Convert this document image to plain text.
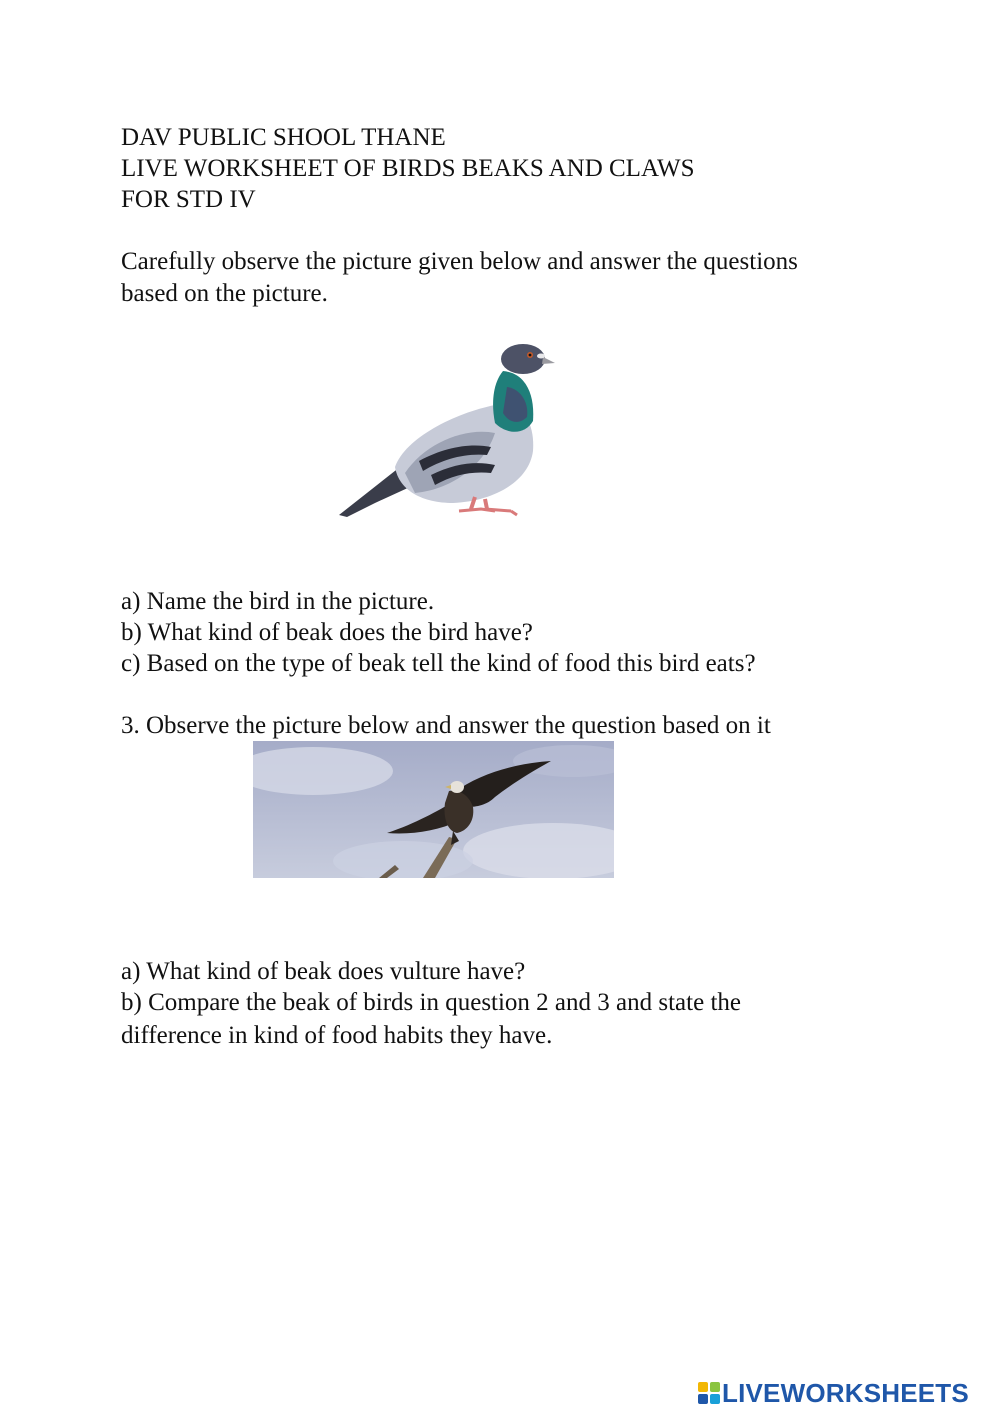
DAV PUBLIC SHOOL THANE
LIVE WORKSHEET OF BIRDS BEAKS AND CLAWS
FOR STD IV
Carefully observe the picture given below and answer the questions
based on the picture.
a) Name the bird in the picture.
b) What kind of beak does the bird have?
c) Based on the type of beak tell the kind of food this bird eats?
3. Observe the picture below and answer the question based on it
a) What kind of beak does vulture have?
b) Compare the beak of birds in question 2 and 3 and state the
difference in kind of food habits they have.
LIVEWORKSHEETS
